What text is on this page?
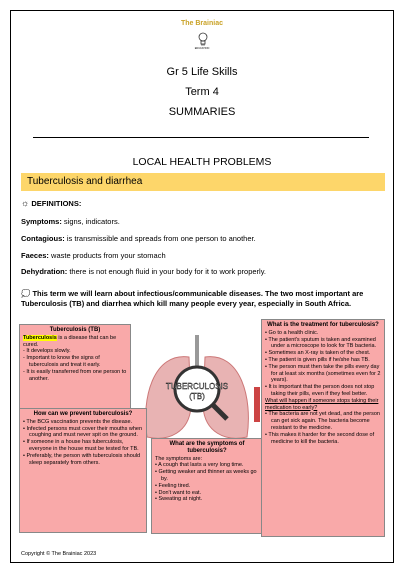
The Brainiac
EDUCATION
Gr 5 Life Skills
Term 4
SUMMARIES
LOCAL HEALTH PROBLEMS
Tuberculosis and diarrhea
☼ DEFINITIONS:
Symptoms: signs, indicators.
Contagious: is transmissible and spreads from one person to another.
Faeces: waste products from your stomach
Dehydration: there is not enough fluid in your body for it to work properly.
💭 This term we will learn about infectious/communicable diseases. The two most important are Tuberculosis (TB) and diarrhea which kill many people every year, especially in South Africa.
TUBERCULOSIS
(TB)
Tuberculosis (TB)
Tuberculosis is a disease that can be cured.
- It develops slowly.
- Important to know the signs of tuberculosis and treat it early.
- It is easily transferred from one person to another.
How can we prevent tuberculosis?
• The BCG vaccination prevents the disease.
• Infected persons must cover their mouths when coughing and must never spit on the ground.
• If someone in a house has tuberculosis, everyone in the house must be tested for TB.
• Preferably, the person with tuberculosis should sleep separately from others.
What are the symptoms of tuberculosis?
The symptoms are:
• A cough that lasts a very long time.
• Getting weaker and thinner as weeks go by.
• Feeling tired.
• Don't want to eat.
• Sweating at night.
What is the treatment for tuberculosis?
• Go to a health clinic.
• The patient's sputum is taken and examined under a microscope to look for TB bacteria.
• Sometimes an X-ray is taken of the chest.
• The patient is given pills if he/she has TB.
• The person must then take the pills every day for at least six months (sometimes even for 2 years).
• It is important that the person does not stop taking their pills, even if they feel better.
What will happen if someone stops taking their medication too early?
• The bacteria are not yet dead, and the person can get sick again. The bacteria become resistant to the medicine.
• This makes it harder for the second dose of medicine to kill the bacteria.
Copyright © The Brainiac 2023
